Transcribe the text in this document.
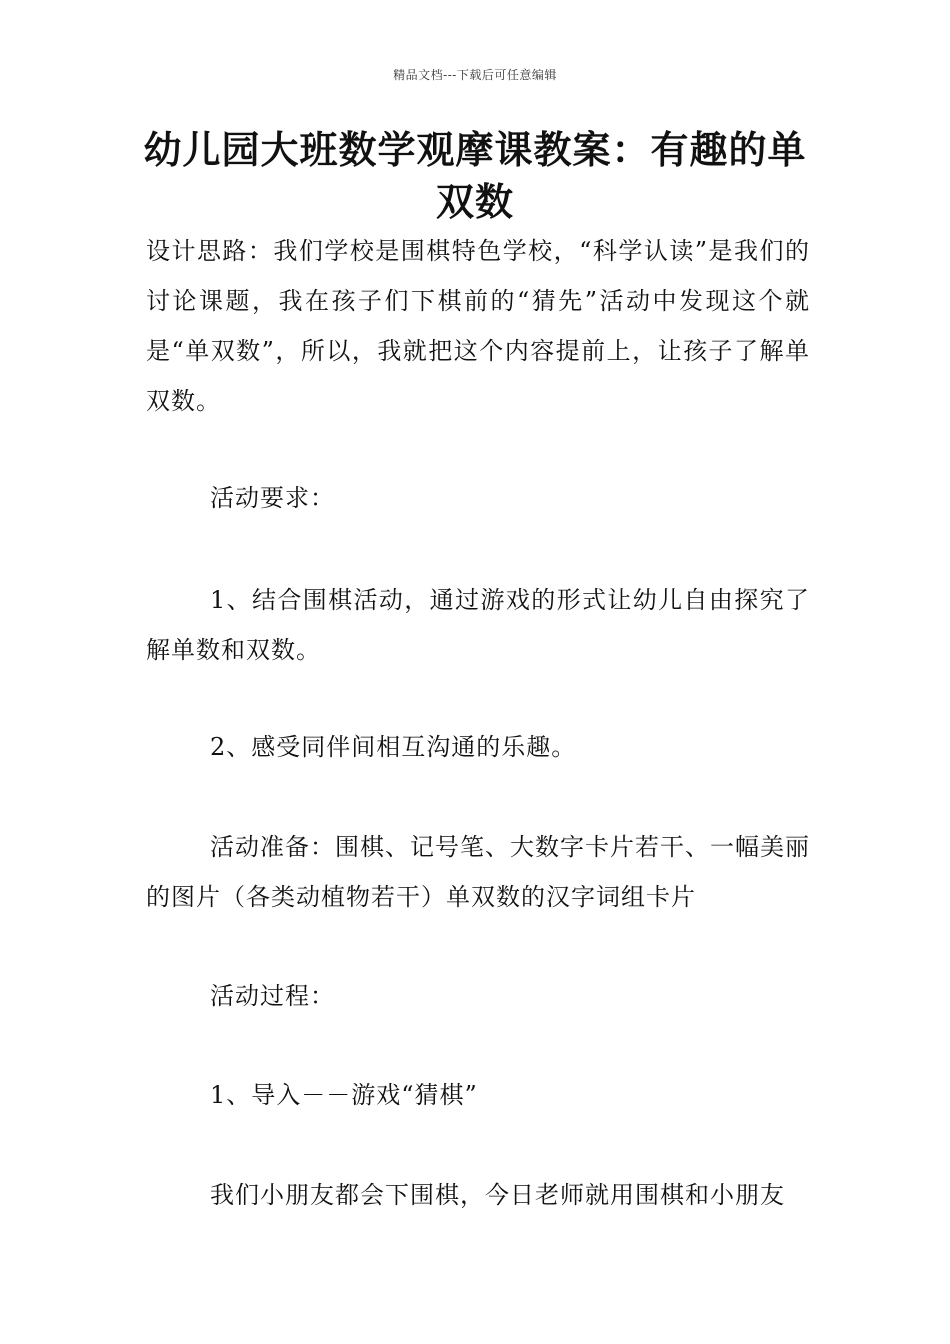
精品文档---下载后可任意编辑
幼儿园大班数学观摩课教案：有趣的单双数

设计思路：我们学校是围棋特色学校，“科学认读”是我们的讨论课题，我在孩子们下棋前的“猜先”活动中发现这个就是“单双数”，所以，我就把这个内容提前上，让孩子了解单双数。

活动要求：

1、结合围棋活动，通过游戏的形式让幼儿自由探究了解单数和双数。

2、感受同伴间相互沟通的乐趣。

活动准备：围棋、记号笔、大数字卡片若干、一幅美丽的图片（各类动植物若干）单双数的汉字词组卡片

活动过程：

1、导入－－游戏“猜棋”

我们小朋友都会下围棋，今日老师就用围棋和小朋友
